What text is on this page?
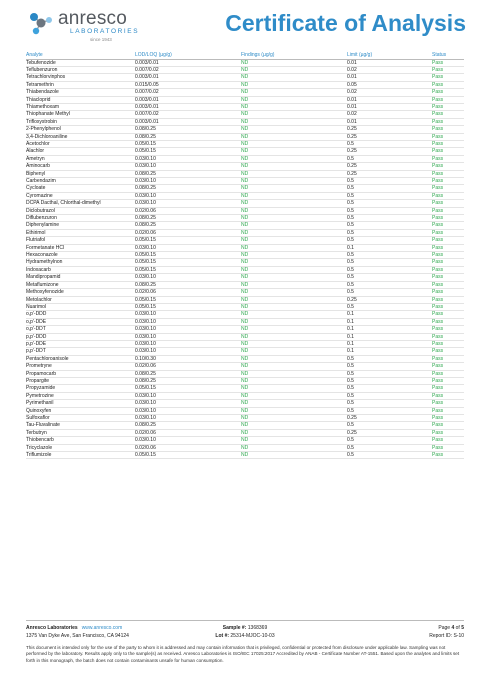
anresco
LABORATORIES
since 1943
Certificate of Analysis
Analyte	LOD/LOQ (µg/g)	Findings (µg/g)	Limit (µg/g)	Status
Tebufenozide	0.003/0.01	ND	0.01	Pass
Teflubenzuron	0.007/0.02	ND	0.02	Pass
Tetrachlorvinphos	0.003/0.01	ND	0.01	Pass
Tetramethrin	0.015/0.05	ND	0.05	Pass
Thiabendazole	0.007/0.02	ND	0.02	Pass
Thiacloprid	0.003/0.01	ND	0.01	Pass
Thiamethoxam	0.003/0.01	ND	0.01	Pass
Thiophanate Methyl	0.007/0.02	ND	0.02	Pass
Trifloxystrobin	0.003/0.01	ND	0.01	Pass
2-Phenylphenol	0.08/0.25	ND	0.25	Pass
3,4-Dichloroaniline	0.08/0.25	ND	0.25	Pass
Acetochlor	0.05/0.15	ND	0.5	Pass
Alachlor	0.05/0.15	ND	0.25	Pass
Ametryn	0.03/0.10	ND	0.5	Pass
Aminocarb	0.03/0.10	ND	0.25	Pass
Biphenyl	0.08/0.25	ND	0.25	Pass
Carbendazim	0.03/0.10	ND	0.5	Pass
Cycloate	0.08/0.25	ND	0.5	Pass
Cyromazine	0.03/0.10	ND	0.5	Pass
DCPA Dacthal, Chlorthal-dimethyl	0.03/0.10	ND	0.5	Pass
Diclobutrazol	0.02/0.06	ND	0.5	Pass
Diflubenzuron	0.08/0.25	ND	0.5	Pass
Diphenylamine	0.08/0.25	ND	0.5	Pass
Ethirimol	0.02/0.06	ND	0.5	Pass
Flutriafol	0.05/0.15	ND	0.5	Pass
Formetanate HCl	0.03/0.10	ND	0.1	Pass
Hexaconazole	0.05/0.15	ND	0.5	Pass
Hydramethylnon	0.05/0.15	ND	0.5	Pass
Indoxacarb	0.05/0.15	ND	0.5	Pass
Mandipropamid	0.03/0.10	ND	0.5	Pass
Metaflumizone	0.08/0.25	ND	0.5	Pass
Methoxyfenozide	0.02/0.06	ND	0.5	Pass
Metolachlor	0.05/0.15	ND	0.25	Pass
Nuarimol	0.05/0.15	ND	0.5	Pass
o,p'-DDD	0.03/0.10	ND	0.1	Pass
o,p'-DDE	0.03/0.10	ND	0.1	Pass
o,p'-DDT	0.03/0.10	ND	0.1	Pass
p,p'-DDD	0.03/0.10	ND	0.1	Pass
p,p'-DDE	0.03/0.10	ND	0.1	Pass
p,p'-DDT	0.03/0.10	ND	0.1	Pass
Pentachloroanisole	0.10/0.30	ND	0.5	Pass
Prometryne	0.02/0.06	ND	0.5	Pass
Propamocarb	0.08/0.25	ND	0.5	Pass
Propargite	0.08/0.25	ND	0.5	Pass
Propyzamide	0.05/0.15	ND	0.5	Pass
Pymetrozine	0.03/0.10	ND	0.5	Pass
Pyrimethanil	0.03/0.10	ND	0.5	Pass
Quinoxyfen	0.03/0.10	ND	0.5	Pass
Sulfoxaflor	0.03/0.10	ND	0.25	Pass
Tau-Fluvalinate	0.08/0.25	ND	0.5	Pass
Terbutryn	0.02/0.06	ND	0.25	Pass
Thiobencarb	0.03/0.10	ND	0.5	Pass
Tricyclazole	0.02/0.06	ND	0.5	Pass
Triflumizole	0.05/0.15	ND	0.5	Pass
Anresco Laboratories www.anresco.com
1375 Van Dyke Ave, San Francisco, CA 94124
Sample #: 1368369
Lot #: 25314-MJOC-10-03
Page 4 of 5
Report ID: S-10
This document is intended only for the use of the party to whom it is addressed and may contain information that is privileged, confidential or protected from disclosure under applicable law. Sampling was not performed by the laboratory. Results apply only to the sample(s) as received. Anresco Laboratories is ISO/IEC 17025:2017 Accredited by ANAB - Certificate Number AT-1551. Based upon the analytes and limits set forth in this monograph, the batch does not contain contaminants unsafe for human consumption.
